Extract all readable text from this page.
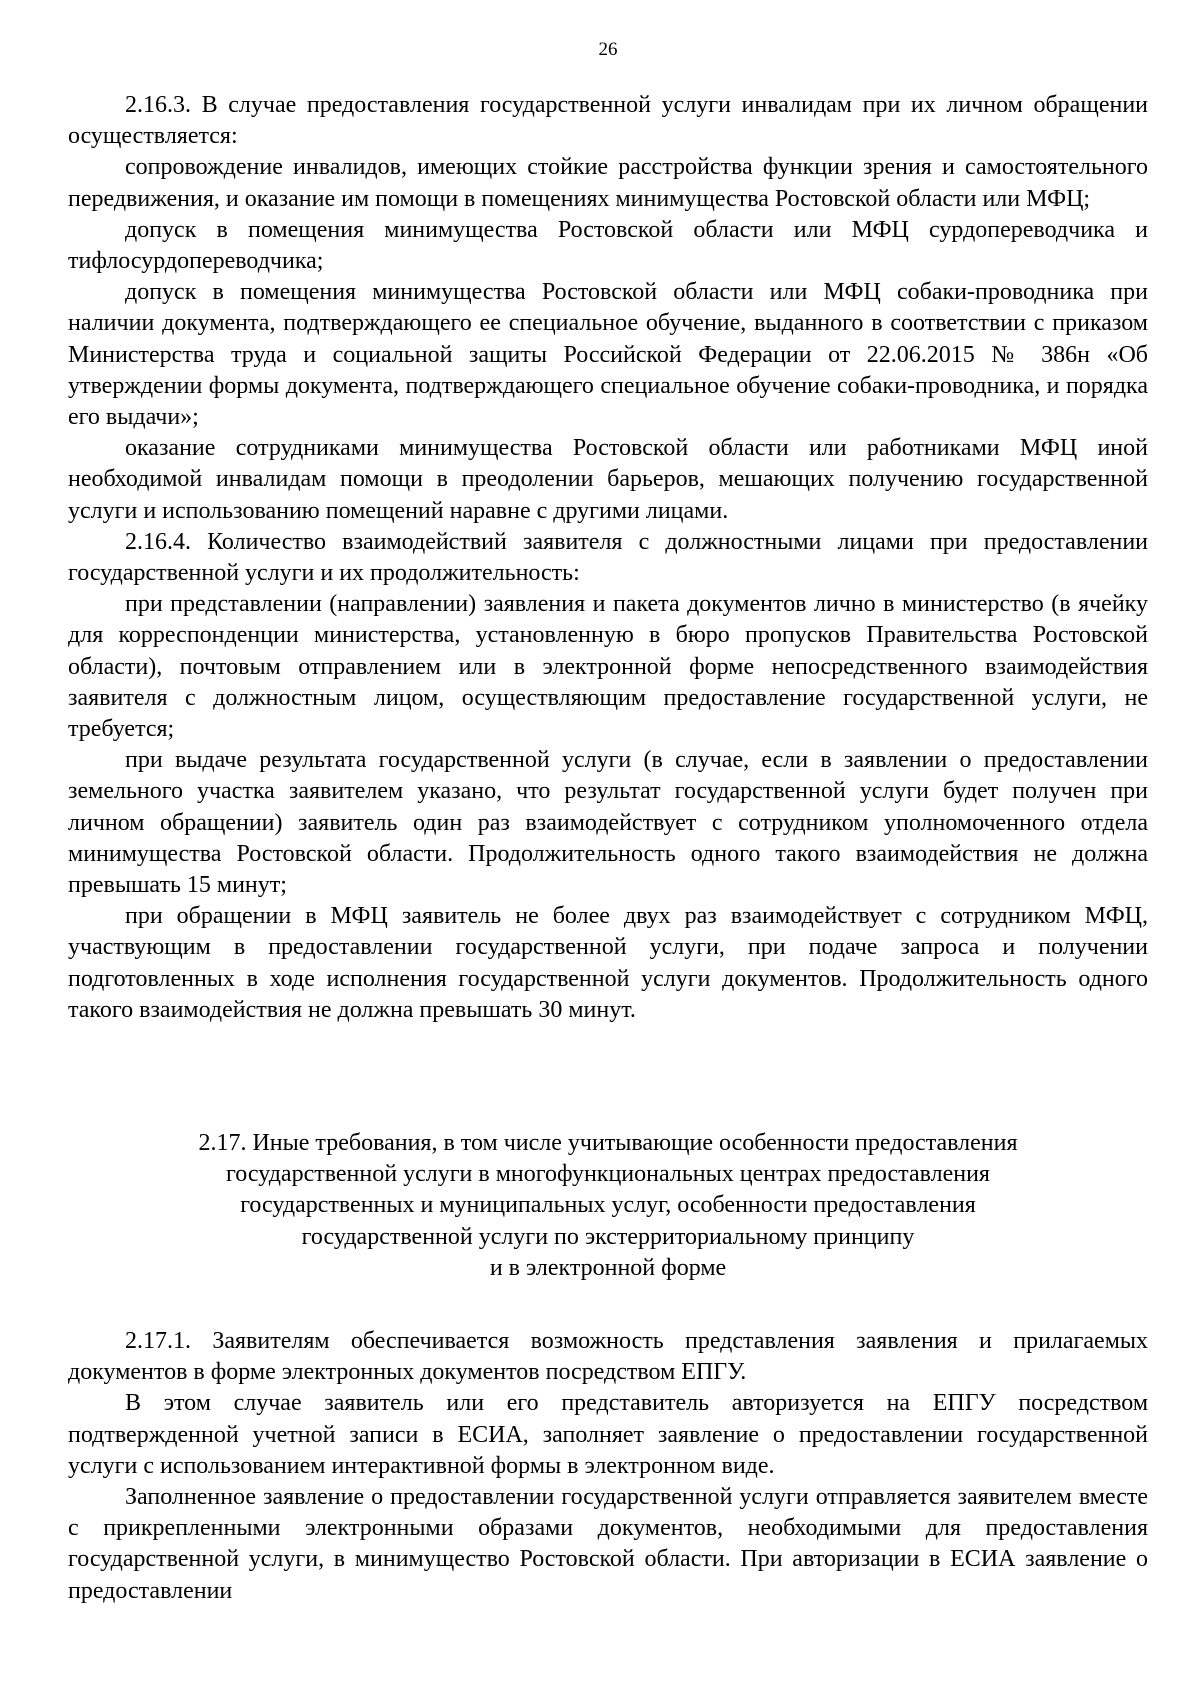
26

2.16.3. В случае предоставления государственной услуги инвалидам при их личном обращении осуществляется:

сопровождение инвалидов, имеющих стойкие расстройства функции зрения и самостоятельного передвижения, и оказание им помощи в помещениях минимущества Ростовской области или МФЦ;

допуск в помещения минимущества Ростовской области или МФЦ сурдопереводчика и тифлосурдопереводчика;

допуск в помещения минимущества Ростовской области или МФЦ собаки-проводника при наличии документа, подтверждающего ее специальное обучение, выданного в соответствии с приказом Министерства труда и социальной защиты Российской Федерации от 22.06.2015 № 386н «Об утверждении формы документа, подтверждающего специальное обучение собаки-проводника, и порядка его выдачи»;

оказание сотрудниками минимущества Ростовской области или работниками МФЦ иной необходимой инвалидам помощи в преодолении барьеров, мешающих получению государственной услуги и использованию помещений наравне с другими лицами.

2.16.4. Количество взаимодействий заявителя с должностными лицами при предоставлении государственной услуги и их продолжительность:

при представлении (направлении) заявления и пакета документов лично в министерство (в ячейку для корреспонденции министерства, установленную в бюро пропусков Правительства Ростовской области), почтовым отправлением или в электронной форме непосредственного взаимодействия заявителя с должностным лицом, осуществляющим предоставление государственной услуги, не требуется;

при выдаче результата государственной услуги (в случае, если в заявлении о предоставлении земельного участка заявителем указано, что результат государственной услуги будет получен при личном обращении) заявитель один раз взаимодействует с сотрудником уполномоченного отдела минимущества Ростовской области. Продолжительность одного такого взаимодействия не должна превышать 15 минут;

при обращении в МФЦ заявитель не более двух раз взаимодействует с сотрудником МФЦ, участвующим в предоставлении государственной услуги, при подаче запроса и получении подготовленных в ходе исполнения государственной услуги документов. Продолжительность одного такого взаимодействия не должна превышать 30 минут.

2.17. Иные требования, в том числе учитывающие особенности предоставления
государственной услуги в многофункциональных центрах предоставления
государственных и муниципальных услуг, особенности предоставления
государственной услуги по экстерриториальному принципу
и в электронной форме

2.17.1. Заявителям обеспечивается возможность представления заявления и прилагаемых документов в форме электронных документов посредством ЕПГУ.

В этом случае заявитель или его представитель авторизуется на ЕПГУ посредством подтвержденной учетной записи в ЕСИА, заполняет заявление о предоставлении государственной услуги с использованием интерактивной формы в электронном виде.

Заполненное заявление о предоставлении государственной услуги отправляется заявителем вместе с прикрепленными электронными образами документов, необходимыми для предоставления государственной услуги, в минимущество Ростовской области. При авторизации в ЕСИА заявление о предоставлении
